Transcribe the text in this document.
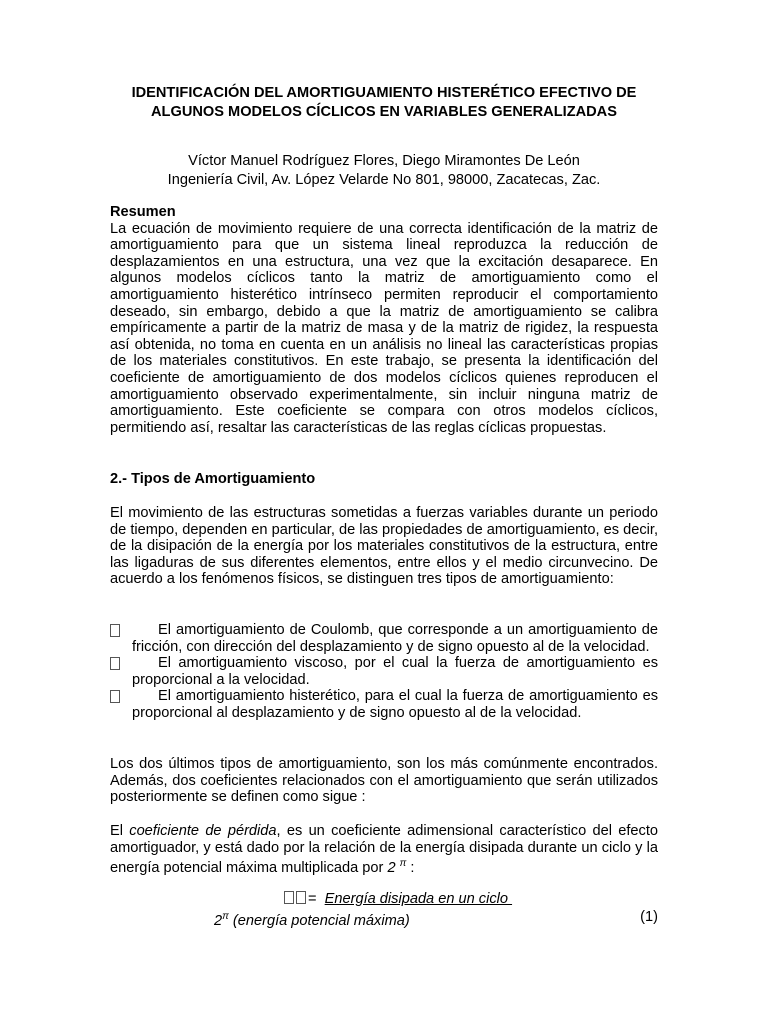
IDENTIFICACIÓN DEL AMORTIGUAMIENTO HISTERÉTICO EFECTIVO DE
ALGUNOS MODELOS CÍCLICOS EN VARIABLES GENERALIZADAS
Víctor Manuel Rodríguez Flores, Diego Miramontes De León
Ingeniería Civil, Av. López Velarde No 801, 98000, Zacatecas, Zac.
Resumen

La ecuación de movimiento requiere de una correcta identificación de la matriz de amortiguamiento para que un sistema lineal reproduzca la reducción de desplazamientos en una estructura, una vez que la excitación desaparece. En algunos modelos cíclicos tanto la matriz de amortiguamiento como el amortiguamiento histerético intrínseco permiten reproducir el comportamiento deseado, sin embargo, debido a que la matriz de amortiguamiento se calibra empíricamente a partir de la matriz de masa y de la matriz de rigidez, la respuesta así obtenida, no toma en cuenta en un análisis no lineal las características propias de los materiales constitutivos. En este trabajo, se presenta la identificación del coeficiente de amortiguamiento de dos modelos cíclicos quienes reproducen el amortiguamiento observado experimentalmente, sin incluir ninguna matriz de amortiguamiento. Este coeficiente se compara con otros modelos cíclicos, permitiendo así, resaltar las características de las reglas cíclicas propuestas.

2.- Tipos de Amortiguamiento

El movimiento de las estructuras sometidas a fuerzas variables durante un periodo de tiempo, dependen en particular, de las propiedades de amortiguamiento, es decir, de la disipación de la energía por los materiales constitutivos de la estructura, entre las ligaduras de sus diferentes elementos, entre ellos y el medio circunvecino. De acuerdo a los fenómenos físicos, se distinguen tres tipos de amortiguamiento:

El amortiguamiento de Coulomb, que corresponde a un amortiguamiento de fricción, con dirección del desplazamiento y de signo opuesto al de la velocidad.
El amortiguamiento viscoso, por el cual la fuerza de amortiguamiento es proporcional a la velocidad.
El amortiguamiento histerético, para el cual la fuerza de amortiguamiento es proporcional al desplazamiento y de signo opuesto al de la velocidad.

Los dos últimos tipos de amortiguamiento, son los más comúnmente encontrados. Además, dos coeficientes relacionados con el amortiguamiento que serán utilizados posteriormente se definen como sigue :

El coeficiente de pérdida, es un coeficiente adimensional característico del efecto amortiguador, y está dado por la relación de la energía disipada durante un ciclo y la energía potencial máxima multiplicada por 2 $^\pi$ :

= Energía disipada en un ciclo
$2^\pi$ (energía potencial máxima)	(1)
